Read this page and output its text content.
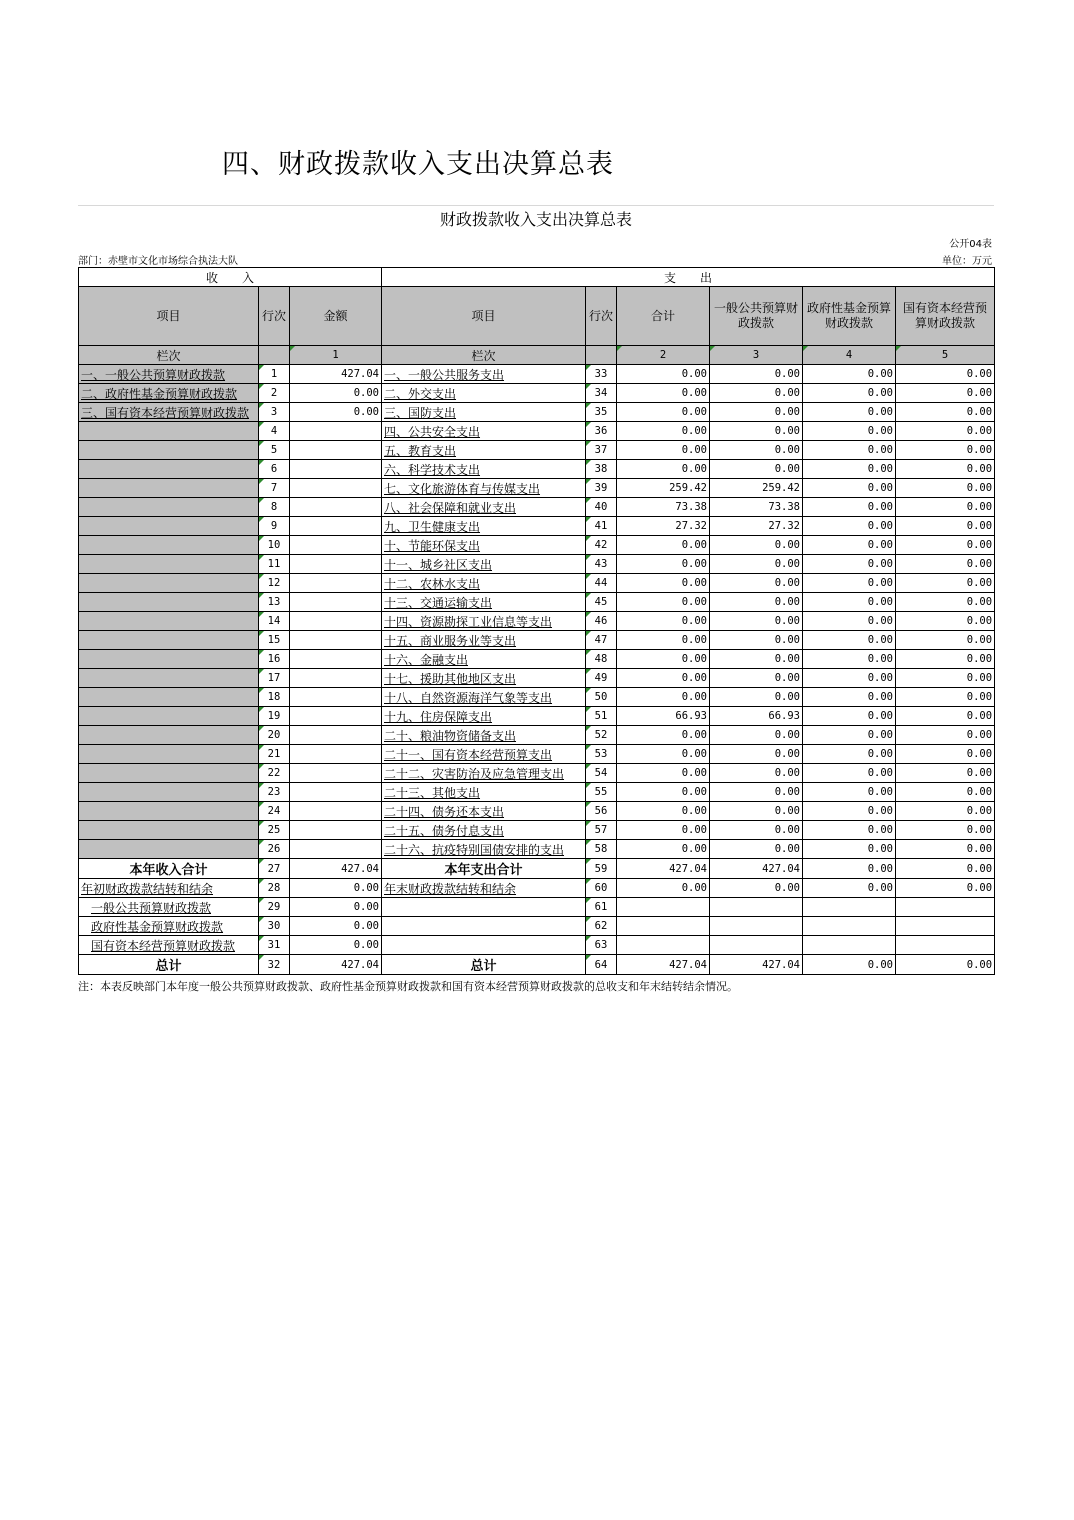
四、财政拨款收入支出决算总表
财政拨款收入支出决算总表
公开04表
部门：赤壁市文化市场综合执法大队	单位：万元
收　　入			支　　出					
项目	行次	金额	项目	行次	合计	一般公共预算财政拨款	政府性基金预算财政拨款	国有资本经营预算财政拨款
栏次		1	栏次		2	3	4	5
一、一般公共预算财政拨款	1	427.04	一、一般公共服务支出	33	0.00	0.00	0.00	0.00
二、政府性基金预算财政拨款	2	0.00	二、外交支出	34	0.00	0.00	0.00	0.00
三、国有资本经营预算财政拨款	3	0.00	三、国防支出	35	0.00	0.00	0.00	0.00
	4		四、公共安全支出	36	0.00	0.00	0.00	0.00
	5		五、教育支出	37	0.00	0.00	0.00	0.00
	6		六、科学技术支出	38	0.00	0.00	0.00	0.00
	7		七、文化旅游体育与传媒支出	39	259.42	259.42	0.00	0.00
	8		八、社会保障和就业支出	40	73.38	73.38	0.00	0.00
	9		九、卫生健康支出	41	27.32	27.32	0.00	0.00
	10		十、节能环保支出	42	0.00	0.00	0.00	0.00
	11		十一、城乡社区支出	43	0.00	0.00	0.00	0.00
	12		十二、农林水支出	44	0.00	0.00	0.00	0.00
	13		十三、交通运输支出	45	0.00	0.00	0.00	0.00
	14		十四、资源勘探工业信息等支出	46	0.00	0.00	0.00	0.00
	15		十五、商业服务业等支出	47	0.00	0.00	0.00	0.00
	16		十六、金融支出	48	0.00	0.00	0.00	0.00
	17		十七、援助其他地区支出	49	0.00	0.00	0.00	0.00
	18		十八、自然资源海洋气象等支出	50	0.00	0.00	0.00	0.00
	19		十九、住房保障支出	51	66.93	66.93	0.00	0.00
	20		二十、粮油物资储备支出	52	0.00	0.00	0.00	0.00
	21		二十一、国有资本经营预算支出	53	0.00	0.00	0.00	0.00
	22		二十二、灾害防治及应急管理支出	54	0.00	0.00	0.00	0.00
	23		二十三、其他支出	55	0.00	0.00	0.00	0.00
	24		二十四、债务还本支出	56	0.00	0.00	0.00	0.00
	25		二十五、债务付息支出	57	0.00	0.00	0.00	0.00
	26		二十六、抗疫特别国债安排的支出	58	0.00	0.00	0.00	0.00
本年收入合计	27	427.04	本年支出合计	59	427.04	427.04	0.00	0.00
年初财政拨款结转和结余	28	0.00	年末财政拨款结转和结余	60	0.00	0.00	0.00	0.00
一般公共预算财政拨款	29	0.00		61				
政府性基金预算财政拨款	30	0.00		62				
国有资本经营预算财政拨款	31	0.00		63				
总计	32	427.04	总计	64	427.04	427.04	0.00	0.00
注：本表反映部门本年度一般公共预算财政拨款、政府性基金预算财政拨款和国有资本经营预算财政拨款的总收支和年末结转结余情况。
